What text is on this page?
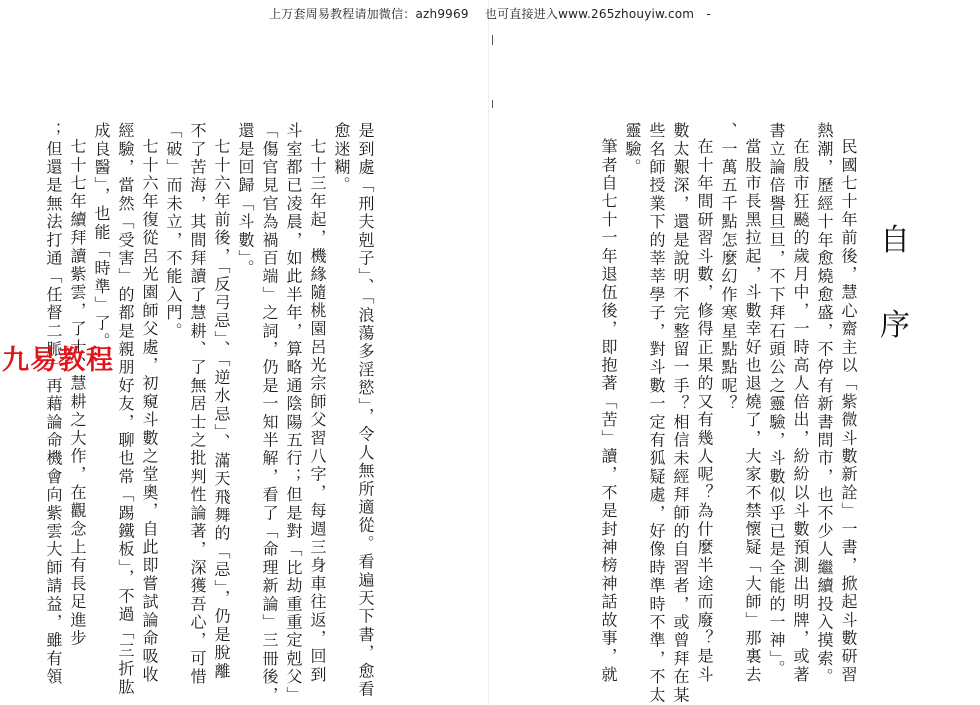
上万套周易教程请加微信：azh9969　 也可直接进入www.265zhouyiw.com　-
自
序
民國七十年前後，慧心齋主以「紫微斗數新詮」一書，掀起斗數研習
熱潮，歷經十年愈燒愈盛，不停有新書問市，也不少人繼續投入摸索。
在殷市狂飈的歲月中，一時高人倍出，紛紛以斗數預測出明牌，或著
書立論倍譽旦旦，不下拜石頭公之靈驗，斗數似乎已是全能的一神」。
當股市長黑拉起，斗數幸好也退燒了，大家不禁懷疑「大師」那裏去
、一萬五千點怎麼幻作寒星點點呢？
在十年間研習斗數，修得正果的又有幾人呢？為什麼半途而廢？是斗
數太艱深，還是說明不完整留一手？相信未經拜師的自習者，或曾拜在某
些名師授業下的莘莘學子，對斗數一定有狐疑處，好像時準時不準，不太
靈驗。
筆者自七十一年退伍後，即抱著「苦」讀，不是封神榜神話故事，就
是到處「刑夫剋子」、「浪蕩多淫慾」，令人無所適從。看遍天下書，愈看
愈迷糊。
七十三年起，機緣隨桃園呂光宗師父習八字，每週三身車往返，回到
斗室都已凌晨，如此半年，算略通陰陽五行；但是對「比劫重重定剋父」
「傷官見官為禍百端」之詞，仍是一知半解，看了「命理新論」三冊後，
還是回歸「斗數」。
七十六年前後，「反弓忌」、「逆水忌」、滿天飛舞的「忌」，仍是脫離
不了苦海，其間拜讀了慧耕、了無居士之批判性論著，深獲吾心，可惜
「破」而未立，不能入門。
七十六年復從呂光園師父處，初窺斗數之堂奧，自此即嘗試論命吸收
經驗，當然「受害」的都是親朋好友，聊也常「踢鐵板」，不過「三折肱
成良醫」，也能「時準」了。
七十七年續拜讀紫雲，了士、慧耕之大作，在觀念上有長足進步
；但還是無法打通「任督二脈」再藉論命機會向紫雲大師請益，雖有領
九易教程
